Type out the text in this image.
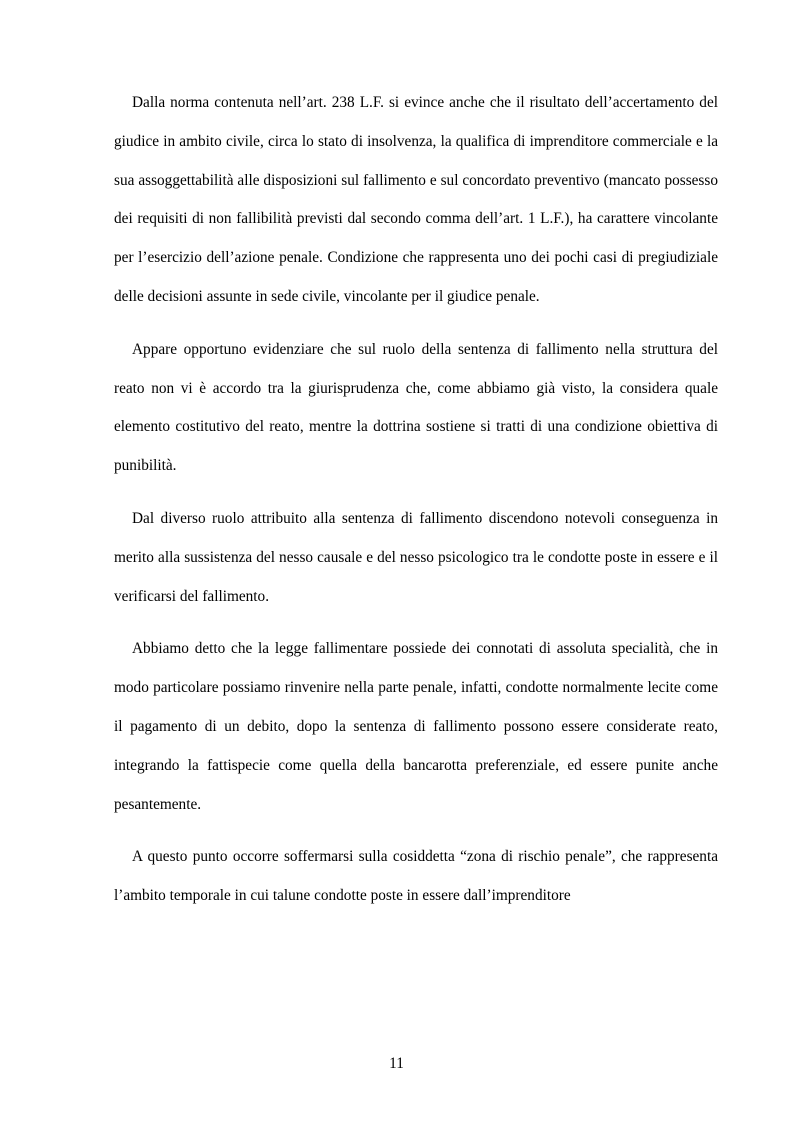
Dalla norma contenuta nell’art. 238 L.F. si evince anche che il risultato dell’accertamento del giudice in ambito civile, circa lo stato di insolvenza, la qualifica di imprenditore commerciale e la sua assoggettabilità alle disposizioni sul fallimento e sul concordato preventivo (mancato possesso dei requisiti di non fallibilità previsti dal secondo comma dell’art. 1 L.F.), ha carattere vincolante per l’esercizio dell’azione penale. Condizione che rappresenta uno dei pochi casi di pregiudiziale delle decisioni assunte in sede civile, vincolante per il giudice penale.

Appare opportuno evidenziare che sul ruolo della sentenza di fallimento nella struttura del reato non vi è accordo tra la giurisprudenza che, come abbiamo già visto, la considera quale elemento costitutivo del reato, mentre la dottrina sostiene si tratti di una condizione obiettiva di punibilità.

Dal diverso ruolo attribuito alla sentenza di fallimento discendono notevoli conseguenza in merito alla sussistenza del nesso causale e del nesso psicologico tra le condotte poste in essere e il verificarsi del fallimento.

Abbiamo detto che la legge fallimentare possiede dei connotati di assoluta specialità, che in modo particolare possiamo rinvenire nella parte penale, infatti, condotte normalmente lecite come il pagamento di un debito, dopo la sentenza di fallimento possono essere considerate reato, integrando la fattispecie come quella della bancarotta preferenziale, ed essere punite anche pesantemente.

A questo punto occorre soffermarsi sulla cosiddetta “zona di rischio penale”, che rappresenta l’ambito temporale in cui talune condotte poste in essere dall’imprenditore

11
